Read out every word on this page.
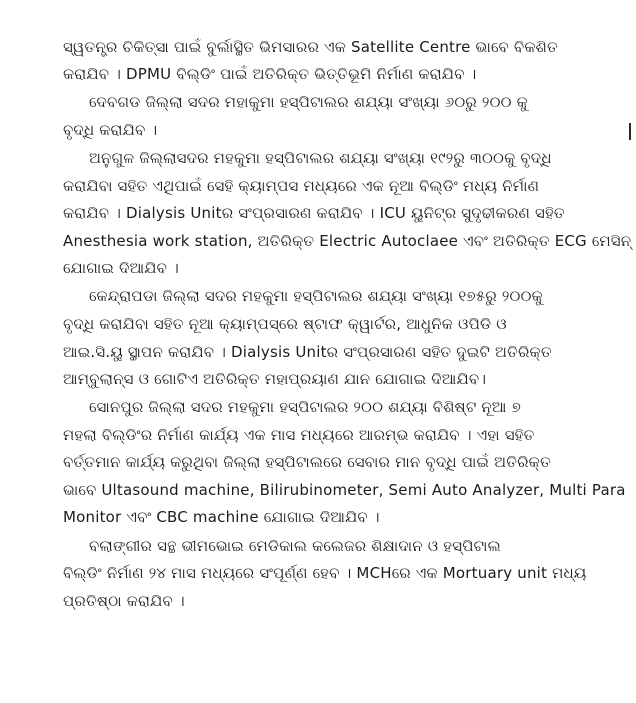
ସ୍ୱତନ୍ତ୍ର ଚିକିତ୍ସା ପାଇଁ ବୁର୍ଲାସ୍ଥିତ ଭିମସାରର ଏକ Satellite Centre ଭାବେ ବିକଶିତ
କରାଯିବ । DPMU ବିଲ୍ଡିଂ ପାଇଁ ଅତିରିକ୍ତ ଭିତ୍ତିଭୂମି ନିର୍ମାଣ କରାଯିବ ।
ଦେବଗଡ ଜିଲ୍ଲା ସଦର ମହାକୁମା ହସ୍ପିଟାଲର ଶଯ୍ୟା ସଂଖ୍ୟା ୬୦ରୁ ୨୦୦ କୁ
ବୃଦ୍ଧି କରାଯିବ ।
ଅନୁଗୁଳ ଜିଲ୍ଲାସଦର ମହକୁମା ହସ୍ପିଟାଲର ଶଯ୍ୟା ସଂଖ୍ୟା ୧୯୨ରୁ ୩୦୦କୁ ବୃଦ୍ଧି
କରାଯିବା ସହିତ ଏଥିପାଇଁ ସେହି କ୍ୟାମ୍ପସ ମଧ୍ୟରେ ଏକ ନୂଆ ବିଲ୍ଡିଂ ମଧ୍ୟ ନିର୍ମାଣ
କରାଯିବ । Dialysis Unitର ସଂପ୍ରସାରଣ କରାଯିବ । ICU ୟୁନିଟ୍‌ର ସୁଦୃଢୀକରଣ ସହିତ
Anesthesia work station, ଅତିରିକ୍ତ Electric Autoclaee ଏବଂ ଅତିରିକ୍ତ ECG ମେସିନ୍
ଯୋଗାଇ ଦିଆଯିବ ।
କେନ୍ଦ୍ରାପଡା ଜିଲ୍ଲା ସଦର ମହକୁମା ହସ୍ପିଟାଲର ଶଯ୍ୟା ସଂଖ୍ୟା ୧୭୫ରୁ ୨୦୦କୁ
ବୃଦ୍ଧି କରାଯିବା ସହିତ ନୂଆ କ୍ୟାମ୍ପସ୍‌ରେ ଷ୍ଟାଫ କ୍ୱାର୍ଟର, ଆଧୁନିକ ଓପିଡି ଓ
ଆଇ.ସି.ୟୁ ସ୍ଥାପନ କରାଯିବ । Dialysis Unitର ସଂପ୍ରସାରଣ ସହିତ ଦୁଇଟି ଅତିରିକ୍ତ
ଆମ୍ବୁଲାନ୍ସ ଓ ଗୋଟିଏ ଅତିରିକ୍ତ ମହାପ୍ରୟାଣ ଯାନ ଯୋଗାଇ ଦିଆଯିବ।
ସୋନପୁର ଜିଲ୍ଲା ସଦର ମହକୁମା ହସ୍ପିଟାଲର ୨୦୦ ଶଯ୍ୟା ବିଶିଷ୍ଟ ନୂଆ ୭
ମହଲା ବିଲ୍ଡିଂର ନିର୍ମାଣ କାର୍ଯ୍ୟ ଏକ ମାସ ମଧ୍ୟରେ ଆରମ୍ଭ କରାଯିବ । ଏହା ସହିତ
ବର୍ତ୍ତମାନ କାର୍ଯ୍ୟ କରୁଥିବା ଜିଲ୍ଲା ହସ୍ପିଟାଲରେ ସେବାର ମାନ ବୃଦ୍ଧି ପାଇଁ ଅତିରିକ୍ତ
ଭାବେ Ultasound machine, Bilirubinometer, Semi Auto Analyzer, Multi Para
Monitor ଏବଂ CBC machine ଯୋଗାଇ ଦିଆଯିବ ।
ବଲାଙ୍ଗୀର ସନ୍ଥ ଭୀମଭୋଇ ମେଡିକାଲ କଲେଜର ଶିକ୍ଷାଦାନ ଓ ହସ୍ପିଟାଲ
ବିଲ୍ଡିଂ ନିର୍ମାଣ ୨୪ ମାସ ମଧ୍ୟରେ ସଂପୂର୍ଣ୍ଣ ହେବ । MCHରେ ଏକ Mortuary unit ମଧ୍ୟ
ପ୍ରତିଷ୍ଠା କରାଯିବ ।
